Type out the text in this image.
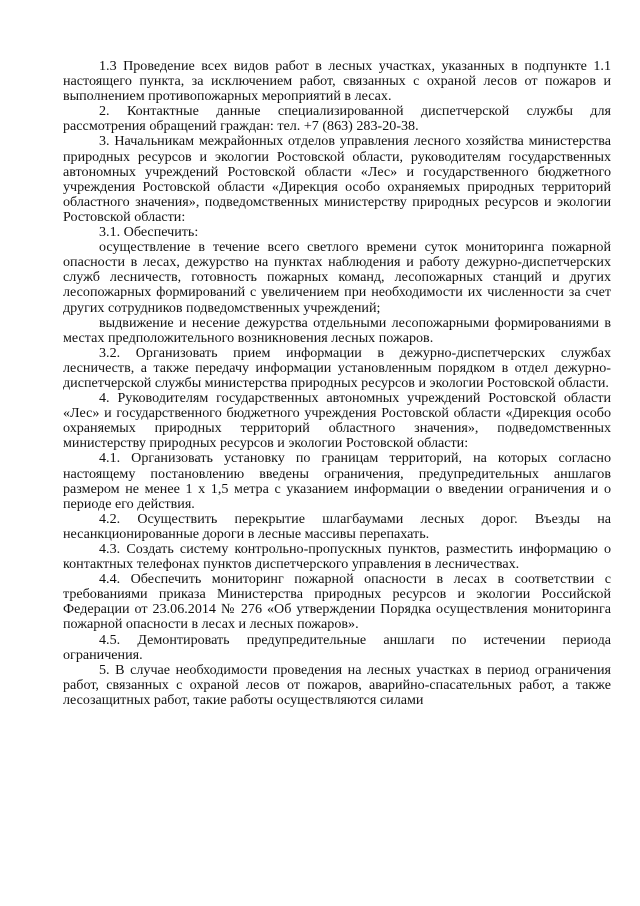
1.3 Проведение всех видов работ в лесных участках, указанных в подпункте 1.1 настоящего пункта, за исключением работ, связанных с охраной лесов от пожаров и выполнением противопожарных мероприятий в лесах.

2. Контактные данные специализированной диспетчерской службы для рассмотрения обращений граждан: тел. +7 (863) 283-20-38.

3. Начальникам межрайонных отделов управления лесного хозяйства министерства природных ресурсов и экологии Ростовской области, руководителям государственных автономных учреждений Ростовской области «Лес» и государственного бюджетного учреждения Ростовской области «Дирекция особо охраняемых природных территорий областного значения», подведомственных министерству природных ресурсов и экологии Ростовской области:

3.1. Обеспечить:

осуществление в течение всего светлого времени суток мониторинга пожарной опасности в лесах, дежурство на пунктах наблюдения и работу дежурно-диспетчерских служб лесничеств, готовность пожарных команд, лесопожарных станций и других лесопожарных формирований с увеличением при необходимости их численности за счет других сотрудников подведомственных учреждений;

выдвижение и несение дежурства отдельными лесопожарными формированиями в местах предположительного возникновения лесных пожаров.

3.2. Организовать прием информации в дежурно-диспетчерских службах лесничеств, а также передачу информации установленным порядком в отдел дежурно-диспетчерской службы министерства природных ресурсов и экологии Ростовской области.

4. Руководителям государственных автономных учреждений Ростовской области «Лес» и государственного бюджетного учреждения Ростовской области «Дирекция особо охраняемых природных территорий областного значения», подведомственных министерству природных ресурсов и экологии Ростовской области:

4.1. Организовать установку по границам территорий, на которых согласно настоящему постановлению введены ограничения, предупредительных аншлагов размером не менее 1 х 1,5 метра с указанием информации о введении ограничения и о периоде его действия.

4.2. Осуществить перекрытие шлагбаумами лесных дорог. Въезды на несанкционированные дороги в лесные массивы перепахать.

4.3. Создать систему контрольно-пропускных пунктов, разместить информацию о контактных телефонах пунктов диспетчерского управления в лесничествах.

4.4. Обеспечить мониторинг пожарной опасности в лесах в соответствии с требованиями приказа Министерства природных ресурсов и экологии Российской Федерации от 23.06.2014 № 276 «Об утверждении Порядка осуществления мониторинга пожарной опасности в лесах и лесных пожаров».

4.5. Демонтировать предупредительные аншлаги по истечении периода ограничения.

5. В случае необходимости проведения на лесных участках в период ограничения работ, связанных с охраной лесов от пожаров, аварийно-спасательных работ, а также лесозащитных работ, такие работы осуществляются силами
